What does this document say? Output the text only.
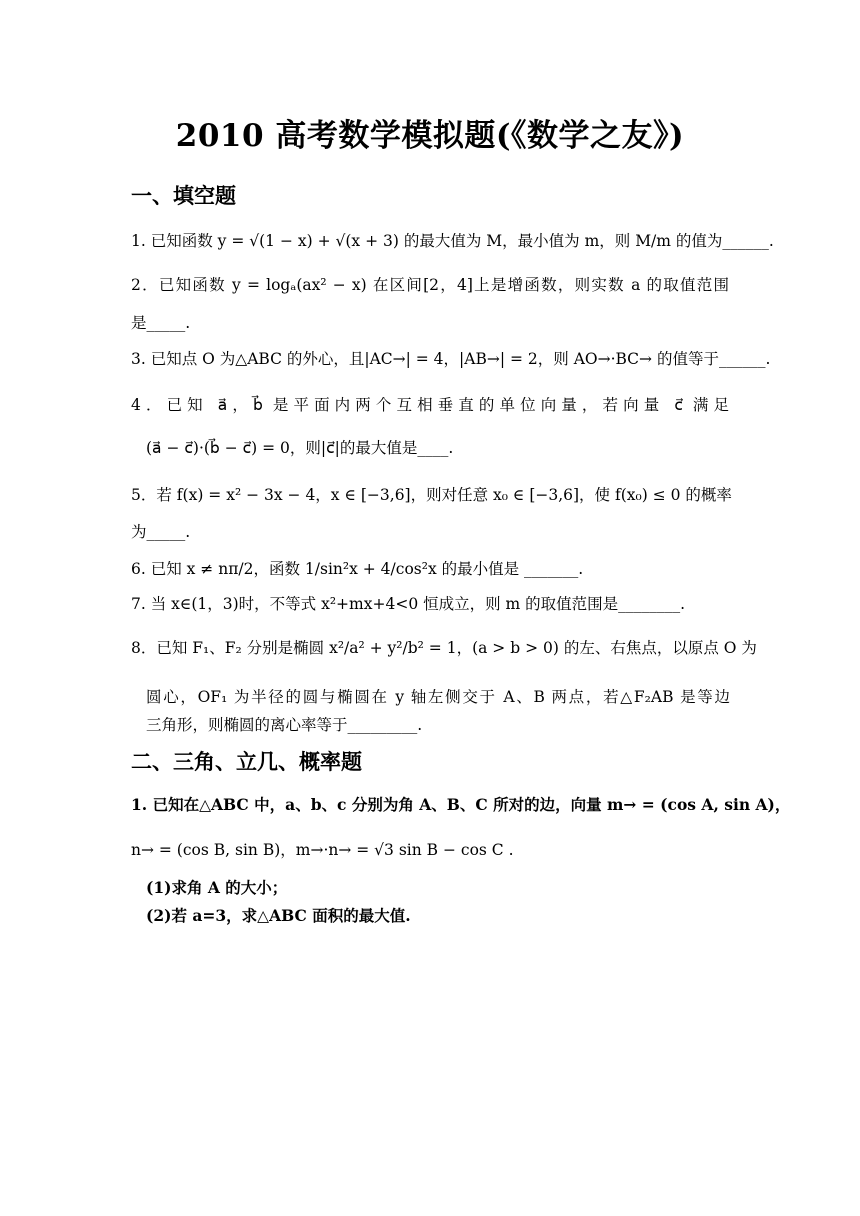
2010 高考数学模拟题(《数学之友》)
一、填空题
1. 已知函数 y = √(1 − x) + √(x + 3) 的最大值为 M，最小值为 m，则 M/m 的值为______.
2．已知函数 y = logₐ(ax² − x) 在区间[2，4]上是增函数，则实数 a 的取值范围
是_____.
3. 已知点 O 为△ABC 的外心，且|AC→| = 4，|AB→| = 2，则 AO→·BC→ 的值等于______.
4．已知 a⃗，b⃗ 是平面内两个互相垂直的单位向量，若向量 c⃗ 满足
(a⃗ − c⃗)·(b⃗ − c⃗) = 0，则|c⃗|的最大值是____.
5．若 f(x) = x² − 3x − 4，x ∈ [−3,6]，则对任意 x₀ ∈ [−3,6]，使 f(x₀) ≤ 0 的概率
为_____.
6. 已知 x ≠ nπ/2，函数 1/sin²x + 4/cos²x 的最小值是 _______.
7. 当 x∈(1，3)时，不等式 x²+mx+4<0 恒成立，则 m 的取值范围是________.
8．已知 F₁、F₂ 分别是椭圆 x²/a² + y²/b² = 1，(a > b > 0) 的左、右焦点，以原点 O 为
圆心，OF₁ 为半径的圆与椭圆在 y 轴左侧交于 A、B 两点，若△F₂AB 是等边
三角形，则椭圆的离心率等于_________.
二、三角、立几、概率题
1. 已知在△ABC 中，a、b、c 分别为角 A、B、C 所对的边，向量 m→ = (cos A, sin A)，
n→ = (cos B, sin B)，m→·n→ = √3 sin B − cos C .
(1)求角 A 的大小；
(2)若 a=3，求△ABC 面积的最大值.
